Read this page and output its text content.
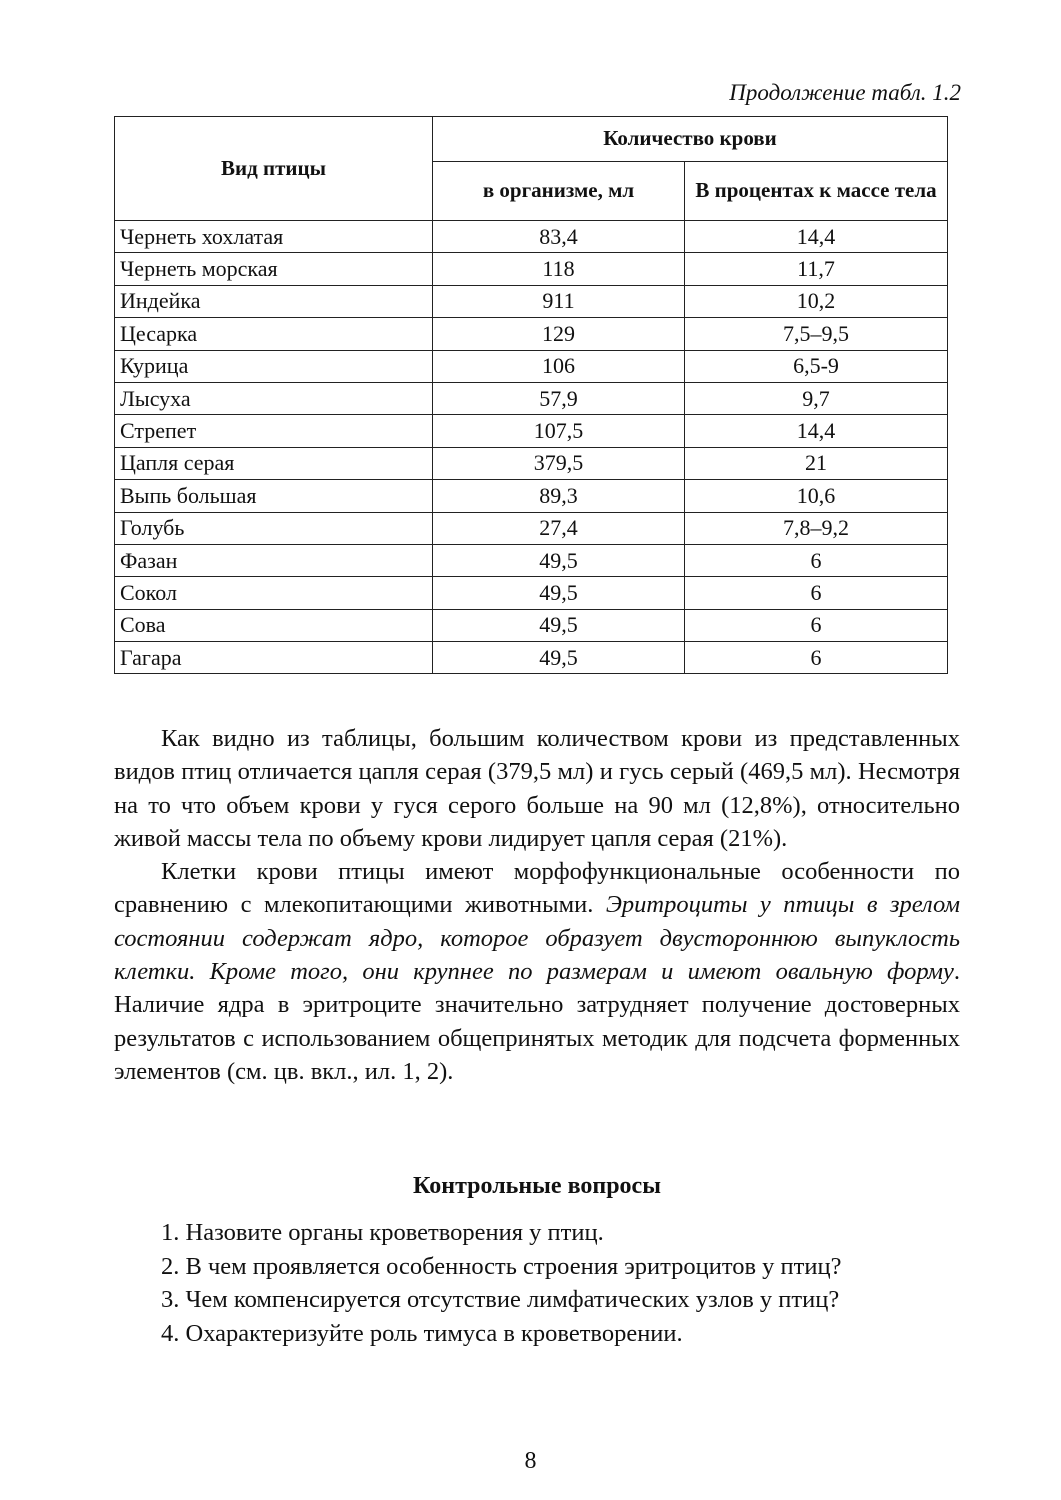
Продолжение табл. 1.2
Вид птицы	Количество крови	
	в организме, мл	В процентах к массе тела
Чернеть хохлатая	83,4	14,4
Чернеть морская	118	11,7
Индейка	911	10,2
Цесарка	129	7,5–9,5
Курица	106	6,5-9
Лысуха	57,9	9,7
Стрепет	107,5	14,4
Цапля серая	379,5	21
Выпь большая	89,3	10,6
Голубь	27,4	7,8–9,2
Фазан	49,5	6
Сокол	49,5	6
Сова	49,5	6
Гагара	49,5	6

Как видно из таблицы, большим количеством крови из представленных видов птиц отличается цапля серая (379,5 мл) и гусь серый (469,5 мл). Несмотря на то что объем крови у гуся серого больше на 90 мл (12,8%), относительно живой массы тела по объему крови лидирует цапля серая (21%).

Клетки крови птицы имеют морфофункциональные особенности по сравнению с млекопитающими животными. Эритроциты у птицы в зрелом состоянии содержат ядро, которое образует двустороннюю выпуклость клетки. Кроме того, они крупнее по размерам и имеют овальную форму. Наличие ядра в эритроците значительно затрудняет получение достоверных результатов с использованием общепринятых методик для подсчета форменных элементов (см. цв. вкл., ил. 1, 2).

Контрольные вопросы
1. Назовите органы кроветворения у птиц.
2. В чем проявляется особенность строения эритроцитов у птиц?
3. Чем компенсируется отсутствие лимфатических узлов у птиц?
4. Охарактеризуйте роль тимуса в кроветворении.
8
